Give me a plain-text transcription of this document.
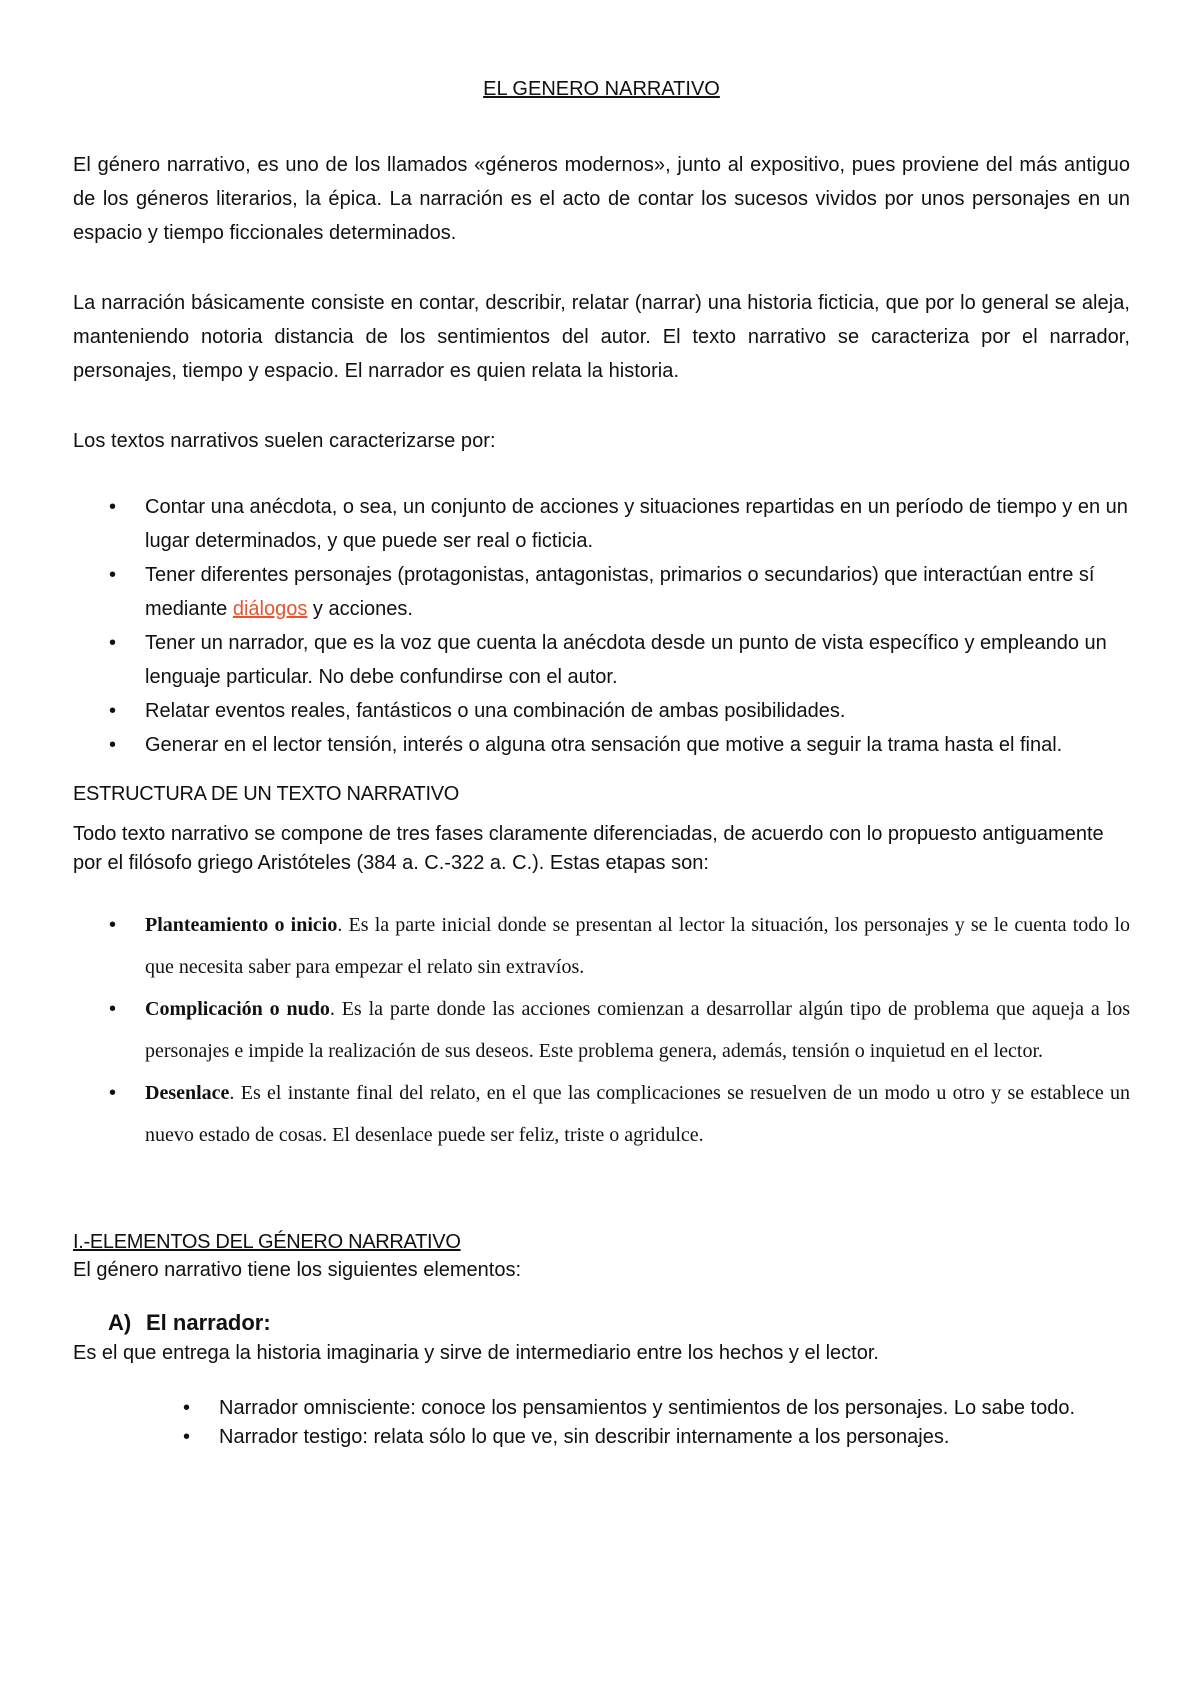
EL GENERO NARRATIVO

El género narrativo, es uno de los llamados «géneros modernos», junto al expositivo, pues proviene del más antiguo de los géneros literarios, la épica. La narración es el acto de contar los sucesos vividos por unos personajes en un espacio y tiempo ficcionales determinados.

La narración básicamente consiste en contar, describir, relatar (narrar) una historia ficticia, que por lo general se aleja, manteniendo notoria distancia de los sentimientos del autor. El texto narrativo se caracteriza por el narrador, personajes, tiempo y espacio. El narrador es quien relata la historia.

Los textos narrativos suelen caracterizarse por:

• Contar una anécdota, o sea, un conjunto de acciones y situaciones repartidas en un período de tiempo y en un lugar determinados, y que puede ser real o ficticia.
• Tener diferentes personajes (protagonistas, antagonistas, primarios o secundarios) que interactúan entre sí mediante diálogos y acciones.
• Tener un narrador, que es la voz que cuenta la anécdota desde un punto de vista específico y empleando un lenguaje particular. No debe confundirse con el autor.
• Relatar eventos reales, fantásticos o una combinación de ambas posibilidades.
• Generar en el lector tensión, interés o alguna otra sensación que motive a seguir la trama hasta el final.
ESTRUCTURA DE UN TEXTO NARRATIVO

Todo texto narrativo se compone de tres fases claramente diferenciadas, de acuerdo con lo propuesto antiguamente por el filósofo griego Aristóteles (384 a. C.-322 a. C.). Estas etapas son:

• Planteamiento o inicio. Es la parte inicial donde se presentan al lector la situación, los personajes y se le cuenta todo lo que necesita saber para empezar el relato sin extravíos.
• Complicación o nudo. Es la parte donde las acciones comienzan a desarrollar algún tipo de problema que aqueja a los personajes e impide la realización de sus deseos. Este problema genera, además, tensión o inquietud en el lector.
• Desenlace. Es el instante final del relato, en el que las complicaciones se resuelven de un modo u otro y se establece un nuevo estado de cosas. El desenlace puede ser feliz, triste o agridulce.
I.-ELEMENTOS DEL GÉNERO NARRATIVO

El género narrativo tiene los siguientes elementos:

A) El narrador:

Es el que entrega la historia imaginaria y sirve de intermediario entre los hechos y el lector.

• Narrador omnisciente: conoce los pensamientos y sentimientos de los personajes. Lo sabe todo.
• Narrador testigo: relata sólo lo que ve, sin describir internamente a los personajes.
